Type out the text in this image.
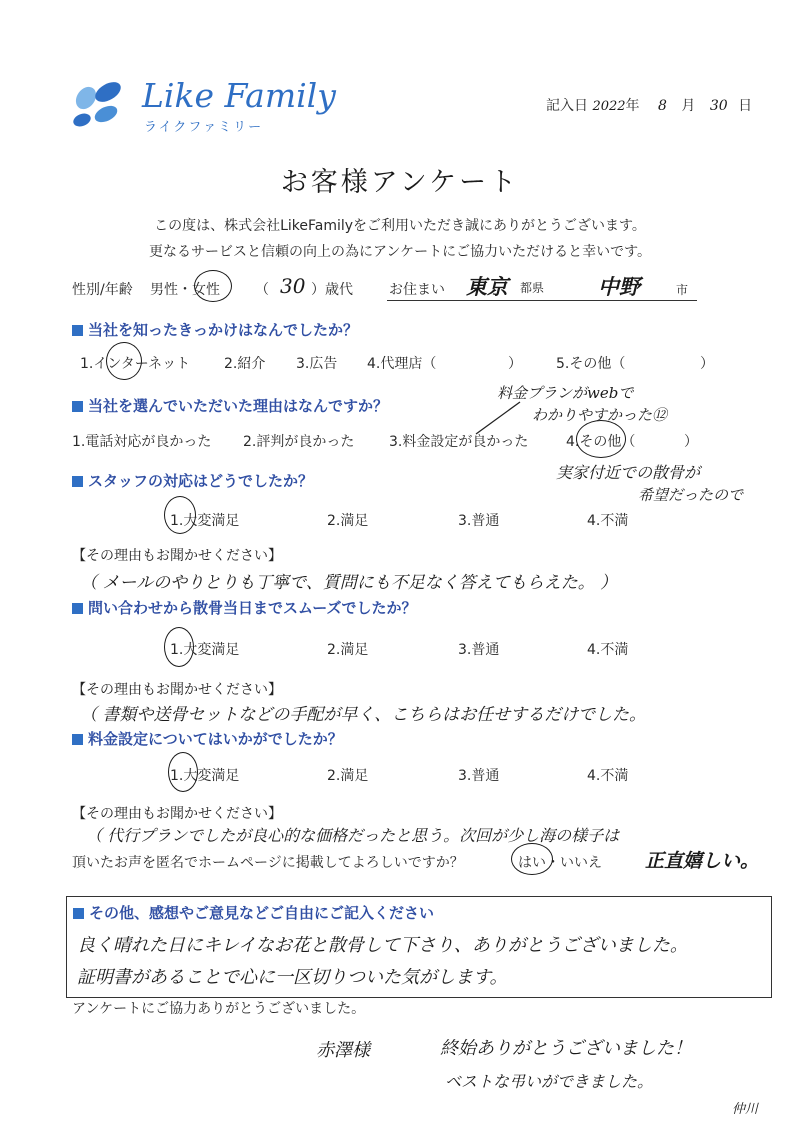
Like Family
ライクファミリー
記入日 2022年 8 月 30 日
お客様アンケート
この度は、株式会社LikeFamilyをご利用いただき誠にありがとうございます。
更なるサービスと信頼の向上の為にアンケートにご協力いただけると幸いです。
性別/年齢 男性・女性	（ 30 ）歳代	お住まい 東京 都県	中野	市
当社を知ったきっかけはなんでしたか？
1.インターネット 2.紹介 3.広告 4.代理店（	） 5.その他（	）
当社を選んでいただいた理由はなんですか？
料金プランがwebで
わかりやすかった⑫
1.電話対応が良かった 2.評判が良かった 3.料金設定が良かった	4.その他（	）
実家付近での散骨が
希望だったので
スタッフの対応はどうでしたか？
1.大変満足	2.満足	3.普通	4.不満
【その理由もお聞かせください】
（ メールのやりとりも丁寧で、質問にも不足なく答えてもらえた。 ）
問い合わせから散骨当日までスムーズでしたか？
1.大変満足	2.満足	3.普通	4.不満
【その理由もお聞かせください】
（ 書類や送骨セットなどの手配が早く、こちらはお任せするだけでした。
料金設定についてはいかがでしたか？
1.大変満足	2.満足	3.普通	4.不満
【その理由もお聞かせください】
（ 代行プランでしたが良心的な価格だったと思う。次回が少し海の様子は
頂いたお声を匿名でホームページに掲載してよろしいですか？	はい・いいえ 正直嬉しい。
その他、感想やご意見などご自由にご記入ください
良く晴れた日にキレイなお花と散骨して下さり、ありがとうございました。
証明書があることで心に一区切りついた気がします。
アンケートにご協力ありがとうございました。
赤澤様	終始ありがとうございました！
ベストな弔いができました。
仲川
